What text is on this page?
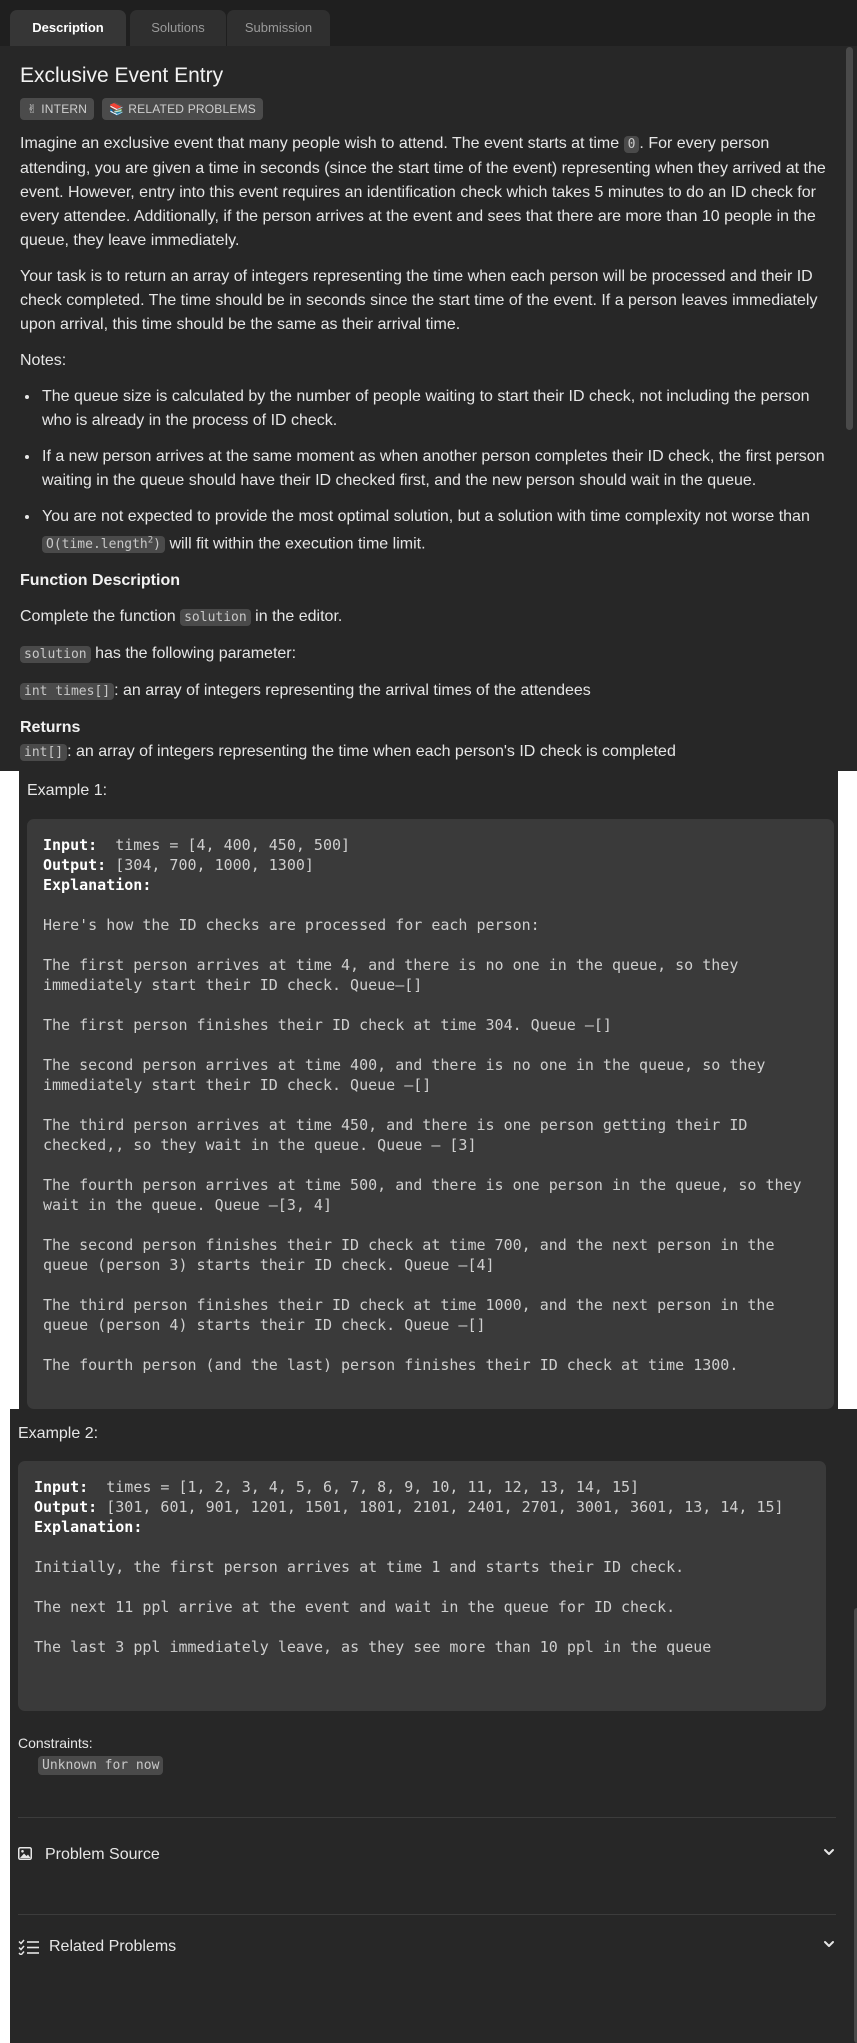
Description	Solutions	Submission
Exclusive Event Entry
✌ INTERN	📚 RELATED PROBLEMS

Imagine an exclusive event that many people wish to attend. The event starts at time 0 . For every person attending, you are given a time in seconds (since the start time of the event) representing when they arrived at the event. However, entry into this event requires an identification check which takes 5 minutes to do an ID check for every attendee. Additionally, if the person arrives at the event and sees that there are more than 10 people in the queue, they leave immediately.

Your task is to return an array of integers representing the time when each person will be processed and their ID check completed. The time should be in seconds since the start time of the event. If a person leaves immediately upon arrival, this time should be the same as their arrival time.

Notes:

• The queue size is calculated by the number of people waiting to start their ID check, not including the person who is already in the process of ID check.
• If a new person arrives at the same moment as when another person completes their ID check, the first person waiting in the queue should have their ID checked first, and the new person should wait in the queue.
• You are not expected to provide the most optimal solution, but a solution with time complexity not worse than O(time.length$^2$) will fit within the execution time limit.

Function Description

Complete the function solution in the editor.

solution has the following parameter:

int times[] : an array of integers representing the arrival times of the attendees

Returns

int[] : an array of integers representing the time when each person's ID check is completed

Example 1:
Input:  times = [4, 400, 450, 500]
Output: [304, 700, 1000, 1300]
Explanation:
Here's how the ID checks are processed for each person:
The first person arrives at time 4, and there is no one in the queue, so they immediately start their ID check. Queue–[]
The first person finishes their ID check at time 304. Queue –[]
The second person arrives at time 400, and there is no one in the queue, so they immediately start their ID check. Queue –[]
The third person arrives at time 450, and there is one person getting their ID checked,, so they wait in the queue. Queue – [3]
The fourth person arrives at time 500, and there is one person in the queue, so they wait in the queue. Queue –[3, 4]
The second person finishes their ID check at time 700, and the next person in the queue (person 3) starts their ID check. Queue –[4]
The third person finishes their ID check at time 1000, and the next person in the queue (person 4) starts their ID check. Queue –[]
The fourth person (and the last) person finishes their ID check at time 1300.
Example 2:
Input:  times = [1, 2, 3, 4, 5, 6, 7, 8, 9, 10, 11, 12, 13, 14, 15]
Output: [301, 601, 901, 1201, 1501, 1801, 2101, 2401, 2701, 3001, 3601, 13, 14, 15]
Explanation:
Initially, the first person arrives at time 1 and starts their ID check.
The next 11 ppl arrive at the event and wait in the queue for ID check.
The last 3 ppl immediately leave, as they see more than 10 ppl in the queue
Constraints:
Unknown for now
Problem Source
Related Problems
